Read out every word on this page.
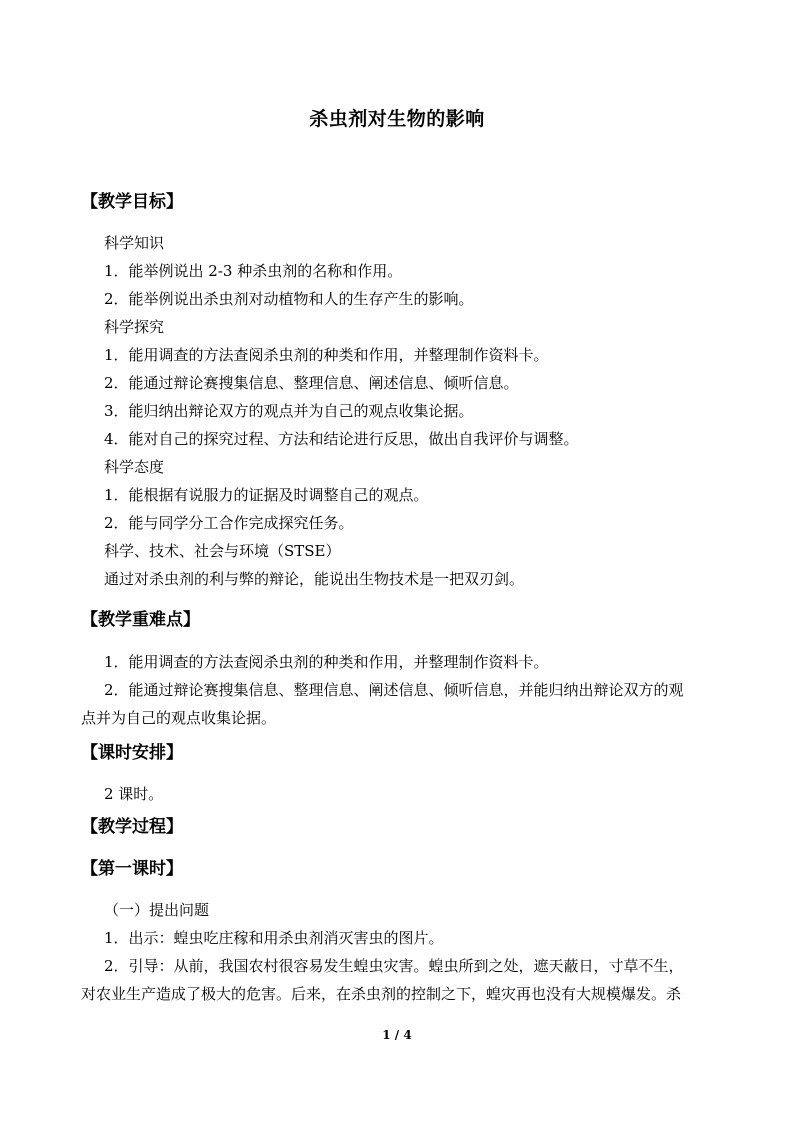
杀虫剂对生物的影响
【教学目标】
科学知识
1．能举例说出 2-3 种杀虫剂的名称和作用。
2．能举例说出杀虫剂对动植物和人的生存产生的影响。
科学探究
1．能用调查的方法查阅杀虫剂的种类和作用，并整理制作资料卡。
2．能通过辩论赛搜集信息、整理信息、阐述信息、倾听信息。
3．能归纳出辩论双方的观点并为自己的观点收集论据。
4．能对自己的探究过程、方法和结论进行反思，做出自我评价与调整。
科学态度
1．能根据有说服力的证据及时调整自己的观点。
2．能与同学分工合作完成探究任务。
科学、技术、社会与环境（STSE）
通过对杀虫剂的利与弊的辩论，能说出生物技术是一把双刃剑。
【教学重难点】
1．能用调查的方法查阅杀虫剂的种类和作用，并整理制作资料卡。
2．能通过辩论赛搜集信息、整理信息、阐述信息、倾听信息，并能归纳出辩论双方的观
点并为自己的观点收集论据。
【课时安排】
2 课时。
【教学过程】
【第一课时】
（一）提出问题
1．出示：蝗虫吃庄稼和用杀虫剂消灭害虫的图片。
2．引导：从前，我国农村很容易发生蝗虫灾害。蝗虫所到之处，遮天蔽日，寸草不生，
对农业生产造成了极大的危害。后来，在杀虫剂的控制之下，蝗灾再也没有大规模爆发。杀
1 / 4
